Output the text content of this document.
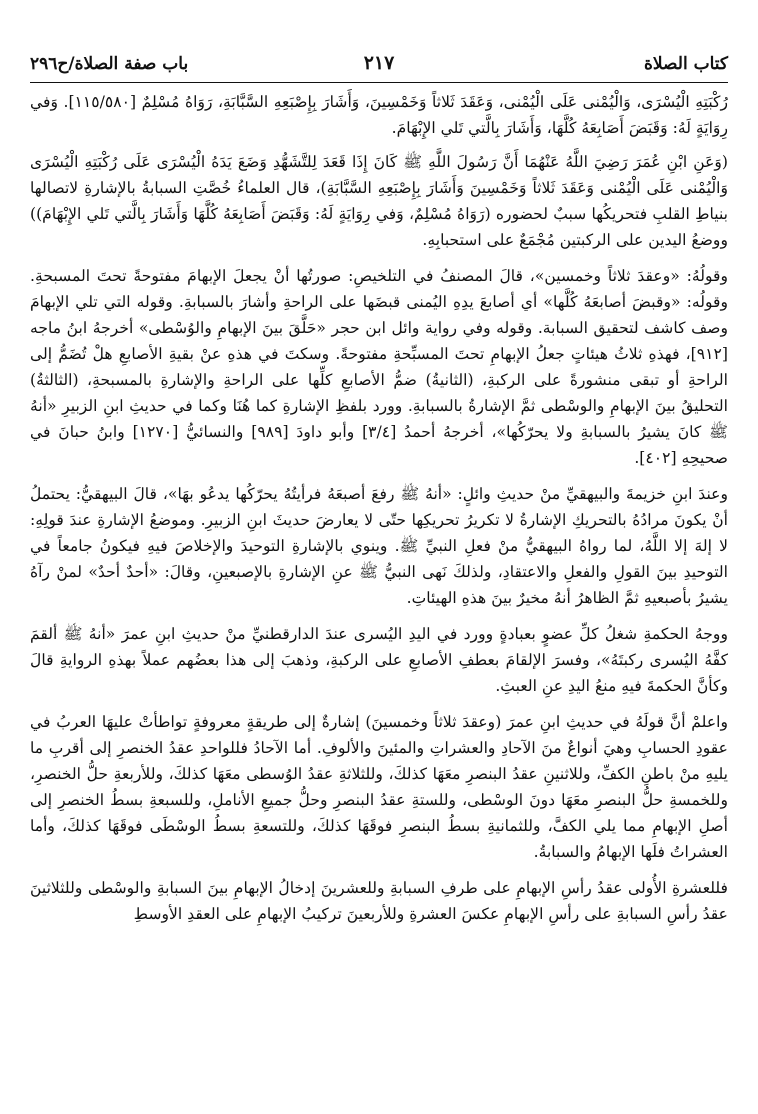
كتاب الصلاة
٢١٧
باب صفة الصلاة/ح٢٩٦

رُكْبَتِهِ الْيُسْرَى، وَالْيُمْنى عَلَى الْيُمْنى، وَعَقَدَ ثَلاثاً وَخَمْسِينَ، وَأَشَارَ بِإِصْبَعِهِ السَّبَّابَةِ، رَوَاهُ مُسْلِمٌ [١١٥/٥٨٠]. وَفي رِوَايَةٍ لَهُ: وَقَبَضَ أَصَابِعَهُ كُلَّهَا، وَأَشَارَ بِالَّتي تَلي الإِبْهَامَ.

(وَعَنِ ابْنِ عُمَرَ رَضِيَ اللَّهُ عَنْهُمَا أَنَّ رَسُولَ اللَّهِ ﷺ كَانَ إِذَا قَعَدَ لِلتَّشَهُّدِ وَضَعَ يَدَهُ الْيُسْرَى عَلَى رُكْبَتِهِ الْيُسْرَى وَالْيُمْنى عَلَى الْيُمْنى وَعَقَدَ ثَلاثاً وَخَمْسِينَ وَأَشَارَ بِإِصْبَعِهِ السَّبَّابَةِ)، قال العلماءُ خُصَّتِ السبابةُ بالإشارةِ لاتصالها بنياطِ القلبِ فتحريكُها سببٌ لحضوره (رَوَاهُ مُسْلِمٌ، وَفي رِوَايَةٍ لَهُ: وَقَبَضَ أَصَابِعَهُ كُلَّهَا وَأَشَارَ بِالَّتي تَلي الإِبْهَامَ)) ووضعُ اليدين على الركبتين مُجْمَعٌ على استحبابِهِ.

وقولُهُ: «وعقدَ ثلاثاً وخمسين»، قالَ المصنفُ في التلخيصِ: صورتُها أنْ يجعلَ الإبهامَ مفتوحةً تحتَ المسبحةِ. وقولُه: «وقبضَ أصابعَهُ كُلَّها» أي أصابعَ يدِهِ اليُمنى قبضَها على الراحةِ وأشارَ بالسبابةِ. وقوله التي تلي الإبهامَ وصف كاشف لتحقيق السبابة. وقوله وفي رواية وائل ابن حجر «حَلَّقَ بينَ الإبهامِ والوُسْطى» أخرجهُ ابنُ ماجه [٩١٢]، فهذهِ ثلاثُ هيئاتٍ جعلُ الإبهامِ تحتَ المسبِّحةِ مفتوحةً. وسكتَ في هذهِ عنْ بقيةِ الأصابعِ هلْ تُضَمُّ إلى الراحةِ أو تبقى منشورةً على الركبةِ، (الثانيةُ) ضمُّ الأصابعِ كلِّها على الراحةِ والإشارةِ بالمسبحةِ، (الثالثةُ) التحليقُ بينَ الإبهامِ والوسْطى ثمَّ الإشارةُ بالسبابةِ. وورد بلفظِ الإشارةِ كما هُنَا وكما في حديثِ ابنِ الزبيرِ «أنهُ ﷺ كانَ يشيرُ بالسبابةِ ولا يحرّكُها»، أخرجهُ أحمدُ [٣/٤] وأبو داودَ [٩٨٩] والنسائيُّ [١٢٧٠] وابنُ حبانَ في صحيحِهِ [٤٠٢].

وعندَ ابنِ خزيمةَ والبيهقيِّ منْ حديثِ وائلٍ: «أنهُ ﷺ رفعَ أصبعَهُ فرأيتُهُ يحرّكُها يدعُو بهَا»، قالَ البيهقيُّ: يحتملُ أنْ يكونَ مرادُهُ بالتحريكِ الإشارةُ لا تكريرُ تحريكِها حتّى لا يعارضَ حديثَ ابنِ الزبيرِ. وموضعُ الإشارةِ عندَ قولِهِ: لا إلهَ إلا اللَّهُ، لما رواهُ البيهقيُّ منْ فعلِ النبيِّ ﷺ. وينوي بالإشارةِ التوحيدَ والإخلاصَ فيهِ فيكونُ جامعاً في التوحيدِ بينَ القولِ والفعلِ والاعتقادِ، ولذلكَ نَهى النبيُّ ﷺ عنِ الإشارةِ بالإصبعينِ، وقالَ: «أحدٌ أحدٌ» لمنْ رآهُ يشيرُ بأصبعيهِ ثمَّ الظاهرُ أنهُ مخيرٌ بينَ هذهِ الهيئاتِ.

ووجهُ الحكمةِ شغلُ كلِّ عضوٍ بعبادةٍ وورد في اليدِ اليُسرى عندَ الدارقطنيِّ منْ حديثِ ابنِ عمرَ «أنهُ ﷺ ألقمَ كفَّهُ اليُسرى ركبتَهُ»، وفسرَ الإلقامَ بعطفِ الأصابعِ على الركبةِ، وذهبَ إلى هذا بعضُهم عملاً بهذهِ الروايةِ قالَ وكأنَّ الحكمةَ فيهِ منعُ اليدِ عنِ العبثِ.

واعلمْ أنَّ قولَهُ في حديثِ ابنِ عمرَ (وعقدَ ثلاثاً وخمسينَ) إشارةٌ إلى طريقةٍ معروفةٍ تواطأتْ عليهَا العربُ في عقودِ الحسابِ وهيَ أنواعٌ منَ الآحادِ والعشراتِ والمئينَ والألوفِ. أما الآحادُ فللواحدِ عقدُ الخنصرِ إلى أقربِ ما يليهِ منْ باطنِ الكفِّ، وللاثنينِ عقدُ البنصرِ معَهَا كذلكَ، وللثلاثةِ عقدُ الوُسطى معَهَا كذلكَ، وللأربعةِ حلُّ الخنصرِ، وللخمسةِ حلُّ البنصرِ معَهَا دونَ الوسْطى، وللستةِ عقدُ البنصرِ وحلُّ جميعِ الأناملِ، وللسبعةِ بسطُ الخنصرِ إلى أصلِ الإبهامِ مما يلي الكفَّ، وللثمانيةِ بسطُ البنصرِ فوقَهَا كذلكَ، وللتسعةِ بسطُ الوسْطَى فوقَهَا كذلكَ، وأما العشراتُ فلَها الإبهامُ والسبابةُ.

فللعشرةِ الأُولى عقدُ رأسِ الإبهامِ على طرفِ السبابةِ وللعشرينَ إدخالُ الإبهامِ بينَ السبابةِ والوسْطى وللثلاثينَ عقدُ رأسِ السبابةِ على رأسِ الإبهامِ عكسَ العشرةِ وللأربعينَ تركيبُ الإبهامِ على العقدِ الأوسطِ
